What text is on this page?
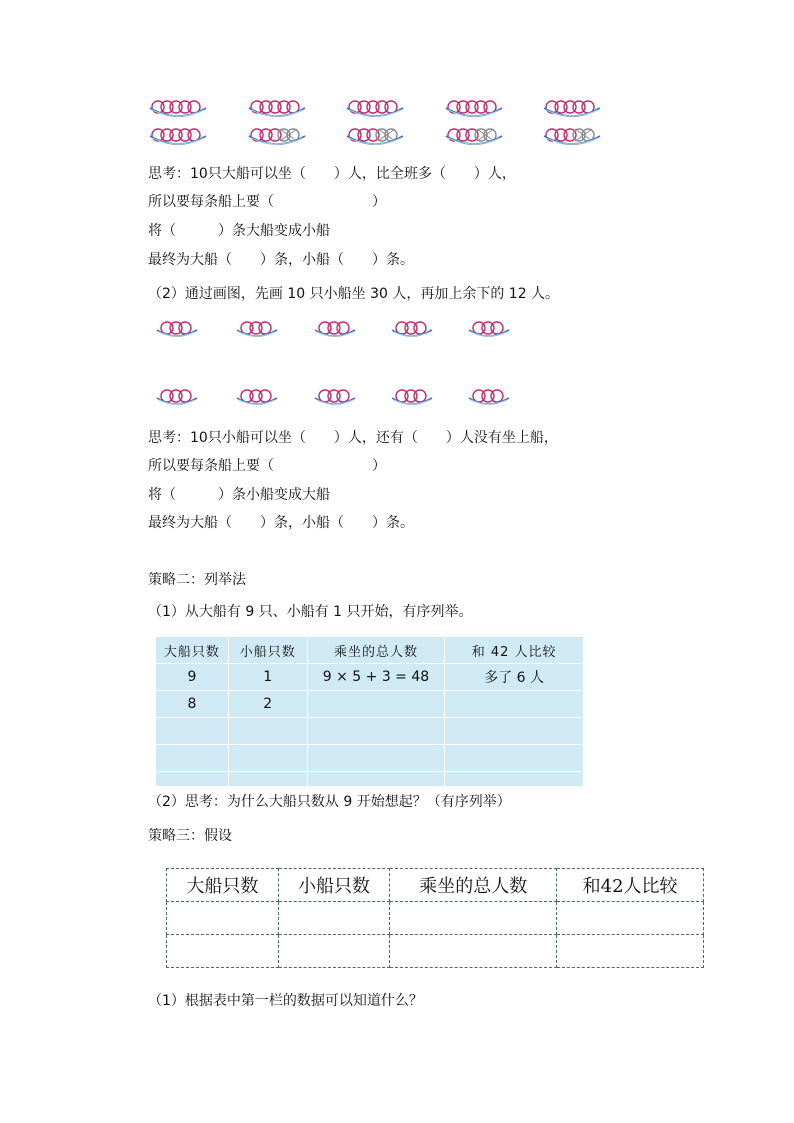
思考：10只大船可以坐（　　）人，比全班多（　　）人，
所以要每条船上要（　　　　　　　）
将（　　　）条大船变成小船
最终为大船（　　）条，小船（　　）条。
（2）通过画图，先画 10 只小船坐 30 人，再加上余下的 12 人。
思考：10只小船可以坐（　　）人，还有（　　）人没有坐上船，
所以要每条船上要（　　　　　　　）
将（　　　）条小船变成大船
最终为大船（　　）条，小船（　　）条。
策略二：列举法
（1）从大船有 9 只、小船有 1 只开始，有序列举。
大船只数	小船只数	乘坐的总人数	和 42 人比较
9	1	9 × 5 + 3 = 48	多了 6 人
8	2		

（2）思考：为什么大船只数从 9 开始想起？（有序列举）
策略三：假设
大船只数	小船只数	乘坐的总人数	和42人比较

（1）根据表中第一栏的数据可以知道什么？
